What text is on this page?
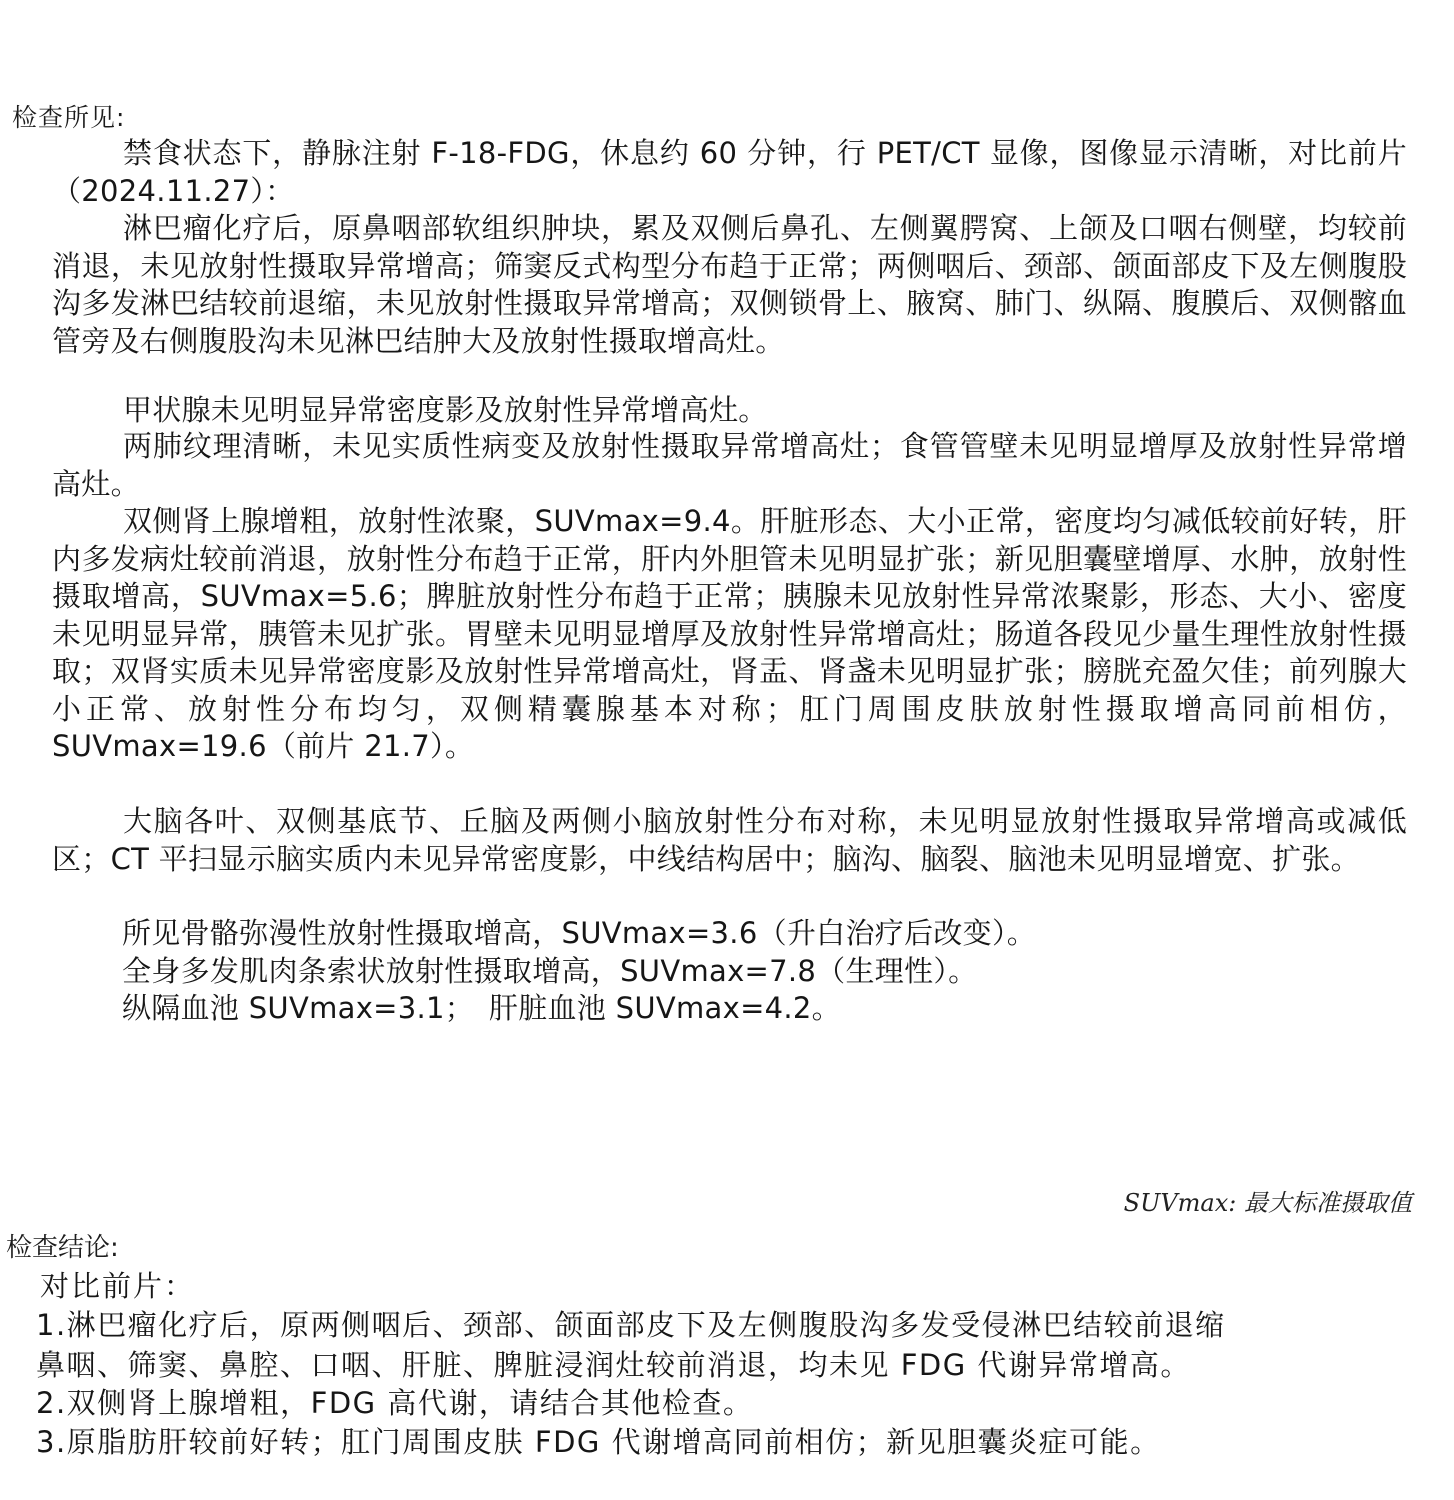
检查所见:

禁食状态下，静脉注射 F-18-FDG，休息约 60 分钟，行 PET/CT 显像，图像显示清晰，对比前片（2024.11.27）：

淋巴瘤化疗后，原鼻咽部软组织肿块，累及双侧后鼻孔、左侧翼腭窝、上颌及口咽右侧壁，均较前消退，未见放射性摄取异常增高；筛窦反式构型分布趋于正常；两侧咽后、颈部、颌面部皮下及左侧腹股沟多发淋巴结较前退缩，未见放射性摄取异常增高；双侧锁骨上、腋窝、肺门、纵隔、腹膜后、双侧髂血管旁及右侧腹股沟未见淋巴结肿大及放射性摄取增高灶。

甲状腺未见明显异常密度影及放射性异常增高灶。

两肺纹理清晰，未见实质性病变及放射性摄取异常增高灶；食管管壁未见明显增厚及放射性异常增高灶。

双侧肾上腺增粗，放射性浓聚，SUVmax=9.4。肝脏形态、大小正常，密度均匀减低较前好转，肝内多发病灶较前消退，放射性分布趋于正常，肝内外胆管未见明显扩张；新见胆囊壁增厚、水肿，放射性摄取增高，SUVmax=5.6；脾脏放射性分布趋于正常；胰腺未见放射性异常浓聚影，形态、大小、密度未见明显异常，胰管未见扩张。胃壁未见明显增厚及放射性异常增高灶；肠道各段见少量生理性放射性摄取；双肾实质未见异常密度影及放射性异常增高灶，肾盂、肾盏未见明显扩张；膀胱充盈欠佳；前列腺大小正常、放射性分布均匀，双侧精囊腺基本对称；肛门周围皮肤放射性摄取增高同前相仿，SUVmax=19.6（前片 21.7）。

大脑各叶、双侧基底节、丘脑及两侧小脑放射性分布对称，未见明显放射性摄取异常增高或减低区；CT 平扫显示脑实质内未见异常密度影，中线结构居中；脑沟、脑裂、脑池未见明显增宽、扩张。

所见骨骼弥漫性放射性摄取增高，SUVmax=3.6（升白治疗后改变）。

全身多发肌肉条索状放射性摄取增高，SUVmax=7.8（生理性）。

纵隔血池 SUVmax=3.1；　肝脏血池 SUVmax=4.2。

SUVmax: 最大标准摄取值
检查结论:
对比前片：

1.淋巴瘤化疗后，原两侧咽后、颈部、颌面部皮下及左侧腹股沟多发受侵淋巴结较前退缩

鼻咽、筛窦、鼻腔、口咽、肝脏、脾脏浸润灶较前消退，均未见 FDG 代谢异常增高。

2.双侧肾上腺增粗，FDG 高代谢，请结合其他检查。

3.原脂肪肝较前好转；肛门周围皮肤 FDG 代谢增高同前相仿；新见胆囊炎症可能。
